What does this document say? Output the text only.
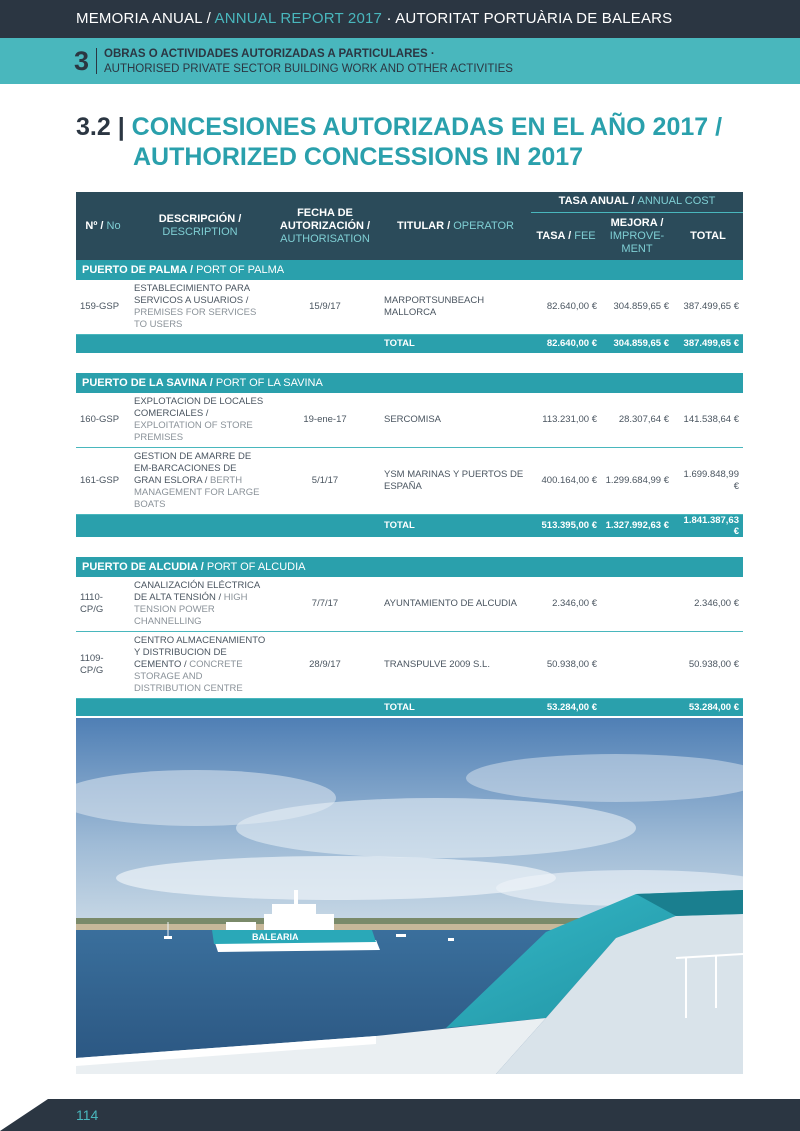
MEMORIA ANUAL / ANNUAL REPORT 2017 · AUTORITAT PORTUÀRIA DE BALEARS
3 OBRAS O ACTIVIDADES AUTORIZADAS A PARTICULARES ·
AUTHORISED PRIVATE SECTOR BUILDING WORK AND OTHER ACTIVITIES
3.2 | CONCESIONES AUTORIZADAS EN EL AÑO 2017 /
AUTHORIZED CONCESSIONS IN 2017
Nº / No	DESCRIPCIÓN /
DESCRIPTION	FECHA DE AUTORIZACIÓN /
AUTHORISATION	TITULAR / OPERATOR	TASA ANUAL / ANNUAL COST		
				TASA / FEE	MEJORA /
IMPROVE-MENT	TOTAL
PUERTO DE PALMA / PORT OF PALMA						
159-GSP	ESTABLECIMIENTO PARA SERVICOS A USUARIOS / PREMISES FOR SERVICES TO USERS	15/9/17	MARPORTSUNBEACH MALLORCA	82.640,00 €	304.859,65 €	387.499,65 €
			TOTAL	82.640,00 €	304.859,65 €	387.499,65 €

PUERTO DE LA SAVINA / PORT OF LA SAVINA						
160-GSP	EXPLOTACION DE LOCALES COMERCIALES / EXPLOITATION OF STORE PREMISES	19-ene-17	SERCOMISA	113.231,00 €	28.307,64 €	141.538,64 €
161-GSP	GESTION DE AMARRE DE EM-BARCACIONES DE GRAN ESLORA / BERTH MANAGEMENT FOR LARGE BOATS	5/1/17	YSM MARINAS Y PUERTOS DE ESPAÑA	400.164,00 €	1.299.684,99 €	1.699.848,99 €
			TOTAL	513.395,00 €	1.327.992,63 €	1.841.387,63 €

PUERTO DE ALCUDIA / PORT OF ALCUDIA						
1110-CP/G	CANALIZACIÓN ELÉCTRICA DE ALTA TENSIÓN / HIGH TENSION POWER CHANNELLING	7/7/17	AYUNTAMIENTO DE ALCUDIA	2.346,00 €		2.346,00 €
1109-CP/G	CENTRO ALMACENAMIENTO Y DISTRIBUCION DE CEMENTO / CONCRETE STORAGE AND DISTRIBUTION CENTRE	28/9/17	TRANSPULVE 2009 S.L.	50.938,00 €		50.938,00 €
			TOTAL	53.284,00 €		53.284,00 €
BALEARIA
114
